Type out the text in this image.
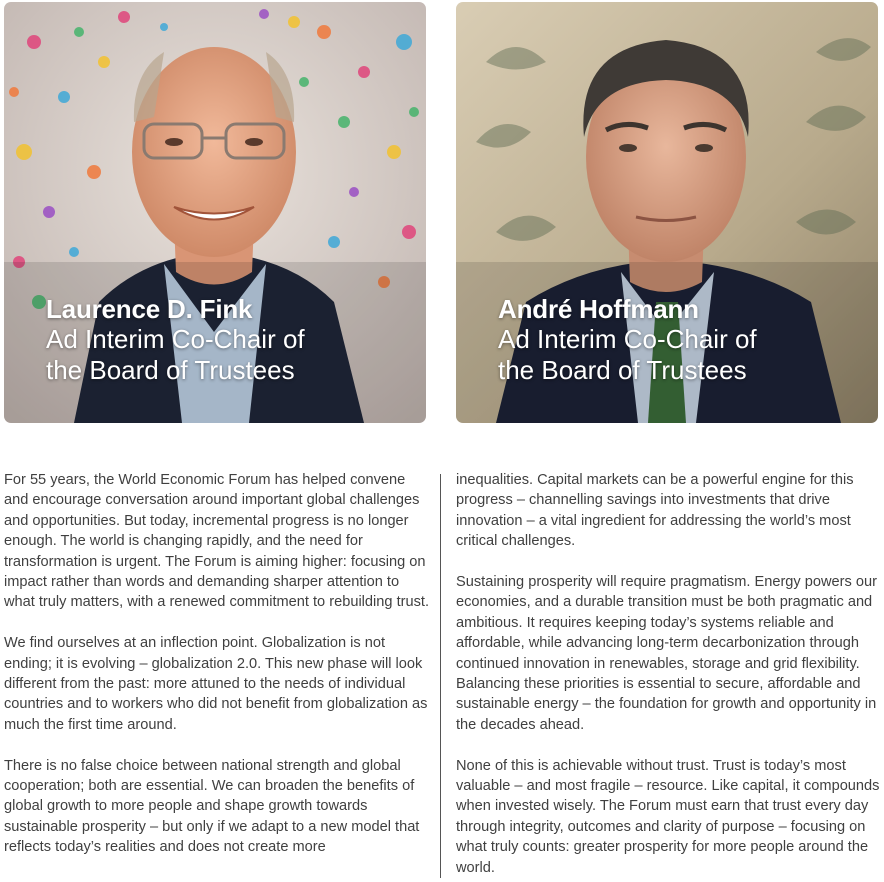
Laurence D. Fink
Ad Interim Co-Chair of
the Board of Trustees
André Hoffmann
Ad Interim Co-Chair of
the Board of Trustees

For 55 years, the World Economic Forum has helped convene and encourage conversation around important global challenges and opportunities. But today, incremental progress is no longer enough. The world is changing rapidly, and the need for transformation is urgent. The Forum is aiming higher: focusing on impact rather than words and demanding sharper attention to what truly matters, with a renewed commitment to rebuilding trust.

We find ourselves at an inflection point. Globalization is not ending; it is evolving – globalization 2.0. This new phase will look different from the past: more attuned to the needs of individual countries and to workers who did not benefit from globalization as much the first time around.

There is no false choice between national strength and global cooperation; both are essential. We can broaden the benefits of global growth to more people and shape growth towards sustainable prosperity – but only if we adapt to a new model that reflects today’s realities and does not create more

inequalities. Capital markets can be a powerful engine for this progress – channelling savings into investments that drive innovation – a vital ingredient for addressing the world’s most critical challenges.

Sustaining prosperity will require pragmatism. Energy powers our economies, and a durable transition must be both pragmatic and ambitious. It requires keeping today’s systems reliable and affordable, while advancing long-term decarbonization through continued innovation in renewables, storage and grid flexibility. Balancing these priorities is essential to secure, affordable and sustainable energy – the foundation for growth and opportunity in the decades ahead.

None of this is achievable without trust. Trust is today’s most valuable – and most fragile – resource. Like capital, it compounds when invested wisely. The Forum must earn that trust every day through integrity, outcomes and clarity of purpose – focusing on what truly counts: greater prosperity for more people around the world.
